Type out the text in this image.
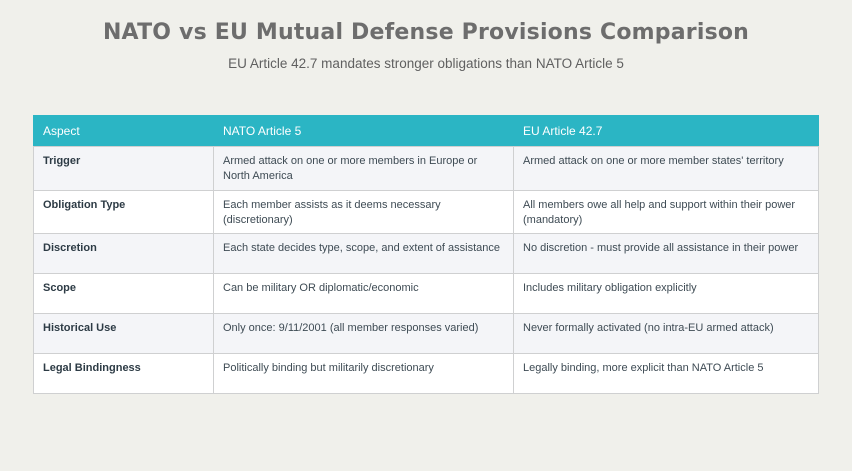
NATO vs EU Mutual Defense Provisions Comparison

EU Article 42.7 mandates stronger obligations than NATO Article 5

Aspect	NATO Article 5	EU Article 42.7
Trigger	Armed attack on one or more members in Europe or North America	Armed attack on one or more member states' territory
Obligation Type	Each member assists as it deems necessary (discretionary)	All members owe all help and support within their power (mandatory)
Discretion	Each state decides type, scope, and extent of assistance	No discretion - must provide all assistance in their power
Scope	Can be military OR diplomatic/economic	Includes military obligation explicitly
Historical Use	Only once: 9/11/2001 (all member responses varied)	Never formally activated (no intra-EU armed attack)
Legal Bindingness	Politically binding but militarily discretionary	Legally binding, more explicit than NATO Article 5
